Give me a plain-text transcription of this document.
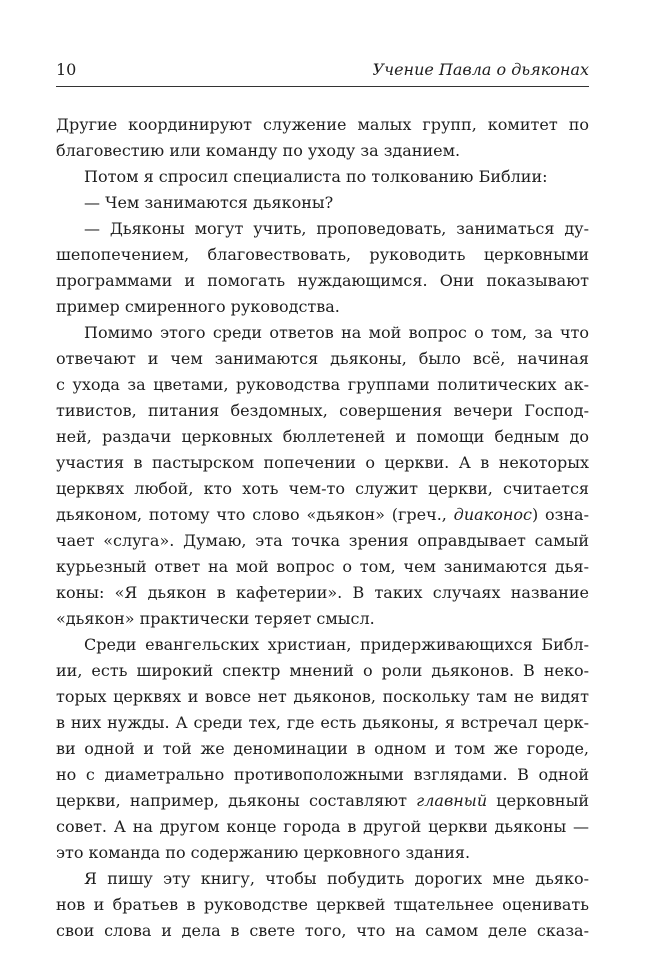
10	Учение Павла о дьяконах
Другие координируют служение малых групп, комитет по
благовестию или команду по уходу за зданием.
Потом я спросил специалиста по толкованию Библии:
— Чем занимаются дьяконы?
— Дьяконы могут учить, проповедовать, заниматься ду-
шепопечением, благовествовать, руководить церковными
программами и помогать нуждающимся. Они показывают
пример смиренного руководства.
Помимо этого среди ответов на мой вопрос о том, за что
отвечают и чем занимаются дьяконы, было всё, начиная
с ухода за цветами, руководства группами политических ак-
тивистов, питания бездомных, совершения вечери Господ-
ней, раздачи церковных бюллетеней и помощи бедным до
участия в пастырском попечении о церкви. А в некоторых
церквях любой, кто хоть чем-то служит церкви, считается
дьяконом, потому что слово «дьякон» (греч., диаконос) озна-
чает «слуга». Думаю, эта точка зрения оправдывает самый
курьезный ответ на мой вопрос о том, чем занимаются дья-
коны: «Я дьякон в кафетерии». В таких случаях название
«дьякон» практически теряет смысл.
Среди евангельских христиан, придерживающихся Библ-
ии, есть широкий спектр мнений о роли дьяконов. В неко-
торых церквях и вовсе нет дьяконов, поскольку там не видят
в них нужды. А среди тех, где есть дьяконы, я встречал церк-
ви одной и той же деноминации в одном и том же городе,
но с диаметрально противоположными взглядами. В одной
церкви, например, дьяконы составляют главный церковный
совет. А на другом конце города в другой церкви дьяконы —
это команда по содержанию церковного здания.
Я пишу эту книгу, чтобы побудить дорогих мне дьяко-
нов и братьев в руководстве церквей тщательнее оценивать
свои слова и дела в свете того, что на самом деле сказа-
